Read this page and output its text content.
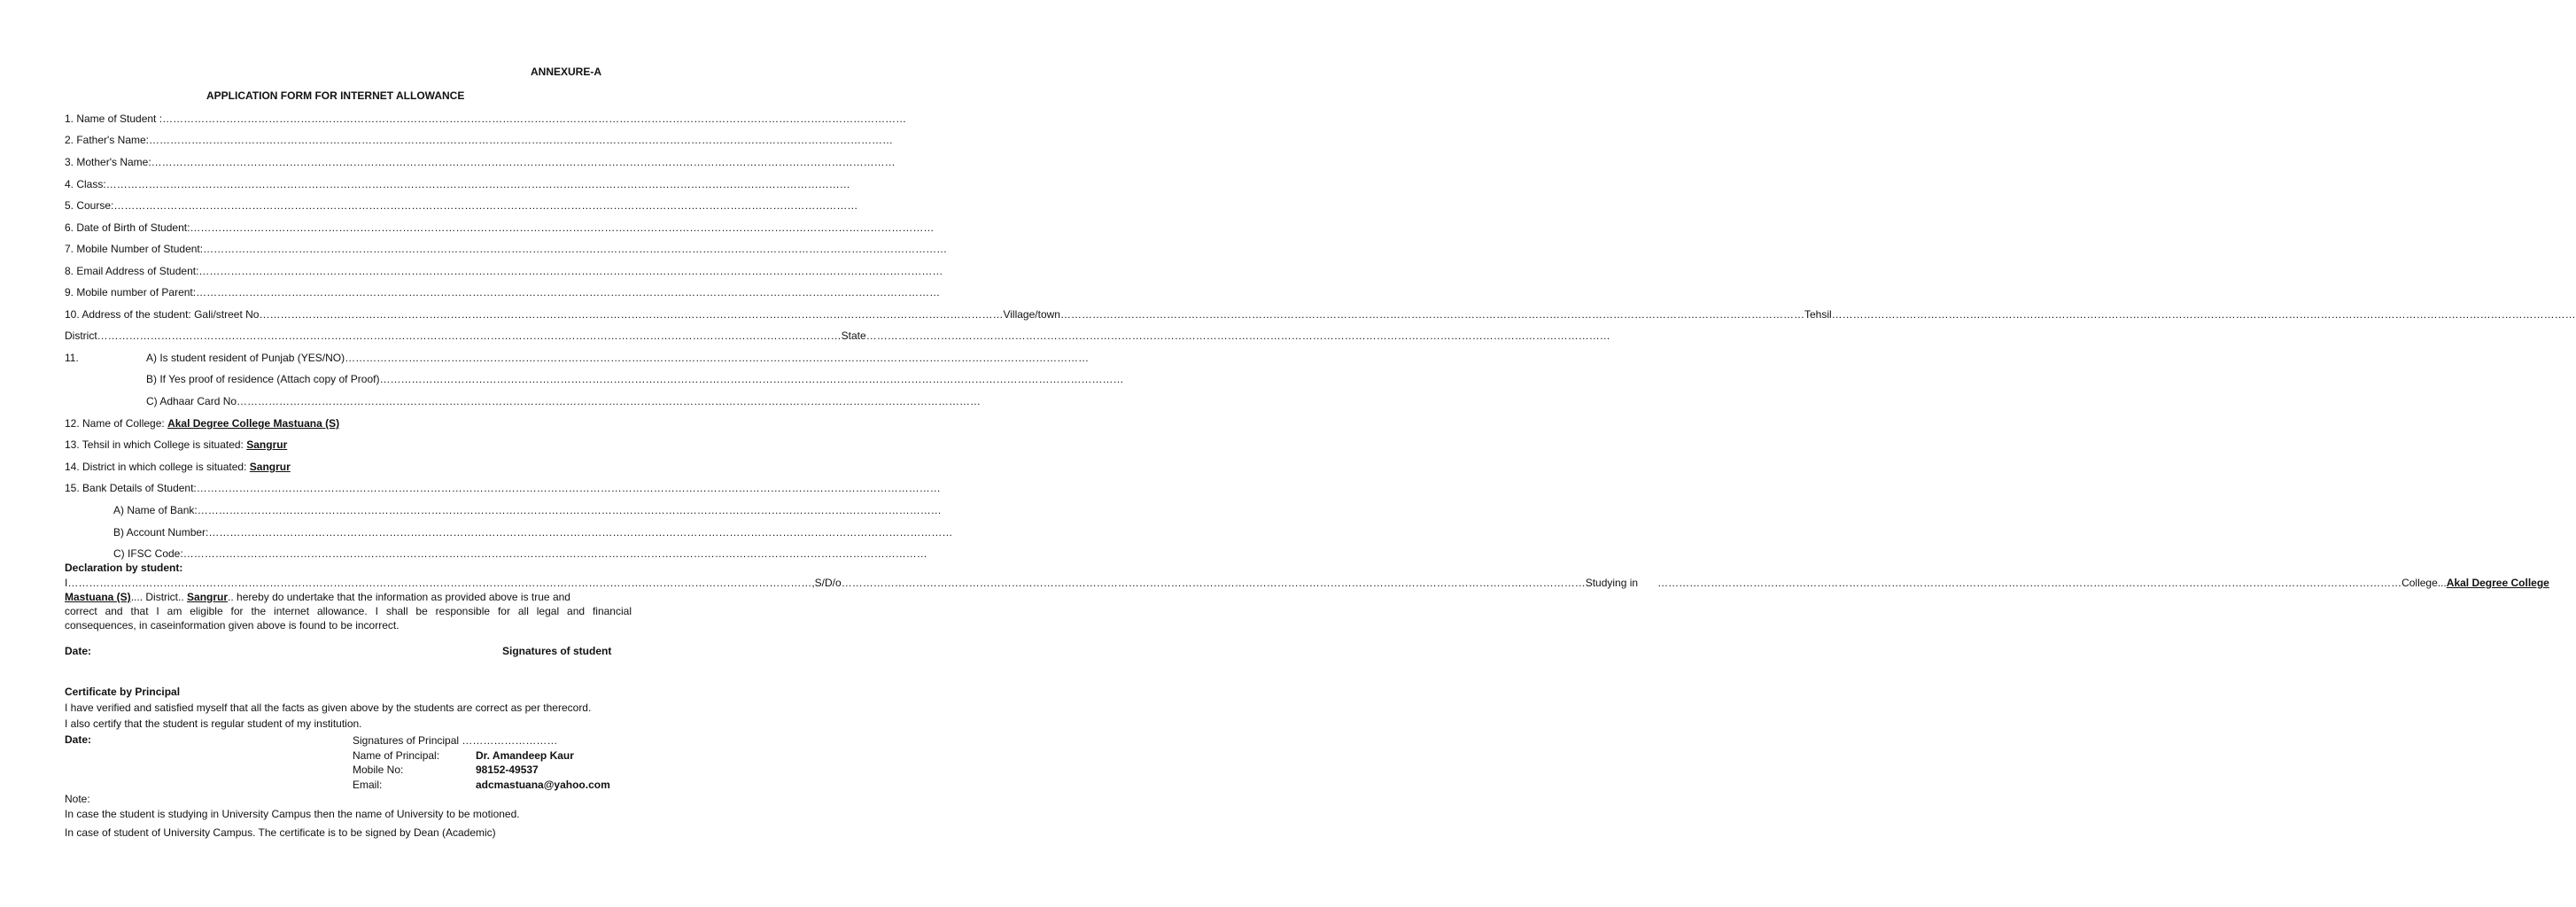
ANNEXURE-A
APPLICATION FORM FOR INTERNET ALLOWANCE
1. Name of Student : …………………………………………………………………………………………………………………………………………………………………………………………
2. Father's Name: …………………………………………………………………………………………………………………………………………………………………………………………
3. Mother's Name: …………………………………………………………………………………………………………………………………………………………………………………………
4. Class: …………………………………………………………………………………………………………………………………………………………………………………………
5. Course: …………………………………………………………………………………………………………………………………………………………………………………………
6. Date of Birth of Student: …………………………………………………………………………………………………………………………………………………………………………………………
7. Mobile Number of Student: …………………………………………………………………………………………………………………………………………………………………………………………
8. Email Address of Student: …………………………………………………………………………………………………………………………………………………………………………………………
9. Mobile number of Parent: …………………………………………………………………………………………………………………………………………………………………………………………
10. Address of the student: Gali/street No ………………………………………………………………………………………………………………………………………………………………………………………… Village/town ………………………………………………………………………………………………………………………………………………………………………………………… Tehsil …………………………………………………………………………………………………………………………………………………………………………………………
District ………………………………………………………………………………………………………………………………………………………………………………………… State …………………………………………………………………………………………………………………………………………………………………………………………
11.	A) Is student resident of Punjab (YES/NO) …………………………………………………………………………………………………………………………………………………………………………………………
B) If Yes proof of residence (Attach copy of Proof) …………………………………………………………………………………………………………………………………………………………………………………………
C) Adhaar Card No …………………………………………………………………………………………………………………………………………………………………………………………
12. Name of College: Akal Degree College Mastuana (S)
13. Tehsil in which College is situated: Sangrur
14. District in which college is situated: Sangrur
15. Bank Details of Student: …………………………………………………………………………………………………………………………………………………………………………………………
A) Name of Bank: …………………………………………………………………………………………………………………………………………………………………………………………
B) Account Number: …………………………………………………………………………………………………………………………………………………………………………………………
C) IFSC Code: …………………………………………………………………………………………………………………………………………………………………………………………
Declaration by student:
I ………………………………………………………………………………………………………………………………………………………………………………………… ,S/D/o ………………………………………………………………………………………………………………………………………………………………………………………… Studying in ………………………………………………………………………………………………………………………………………………………………………………………… College... Akal Degree College
Mastuana (S).... District.. Sangrur.. hereby do undertake that the information as provided above is true and
correct and that I am eligible for the internet allowance. I shall be responsible for all legal and financial
consequences, in caseinformation given above is found to be incorrect.
Date:	Signatures of student
Certificate by Principal
I have verified and satisfied myself that all the facts as given above by the students are correct as per therecord.
I also certify that the student is regular student of my institution.
Date:	Signatures of Principal ………………………
Name of Principal:	Dr. Amandeep Kaur
Mobile No:	98152-49537
Email:	adcmastuana@yahoo.com
Note:
In case the student is studying in University Campus then the name of University to be motioned.
In case of student of University Campus. The certificate is to be signed by Dean (Academic)
